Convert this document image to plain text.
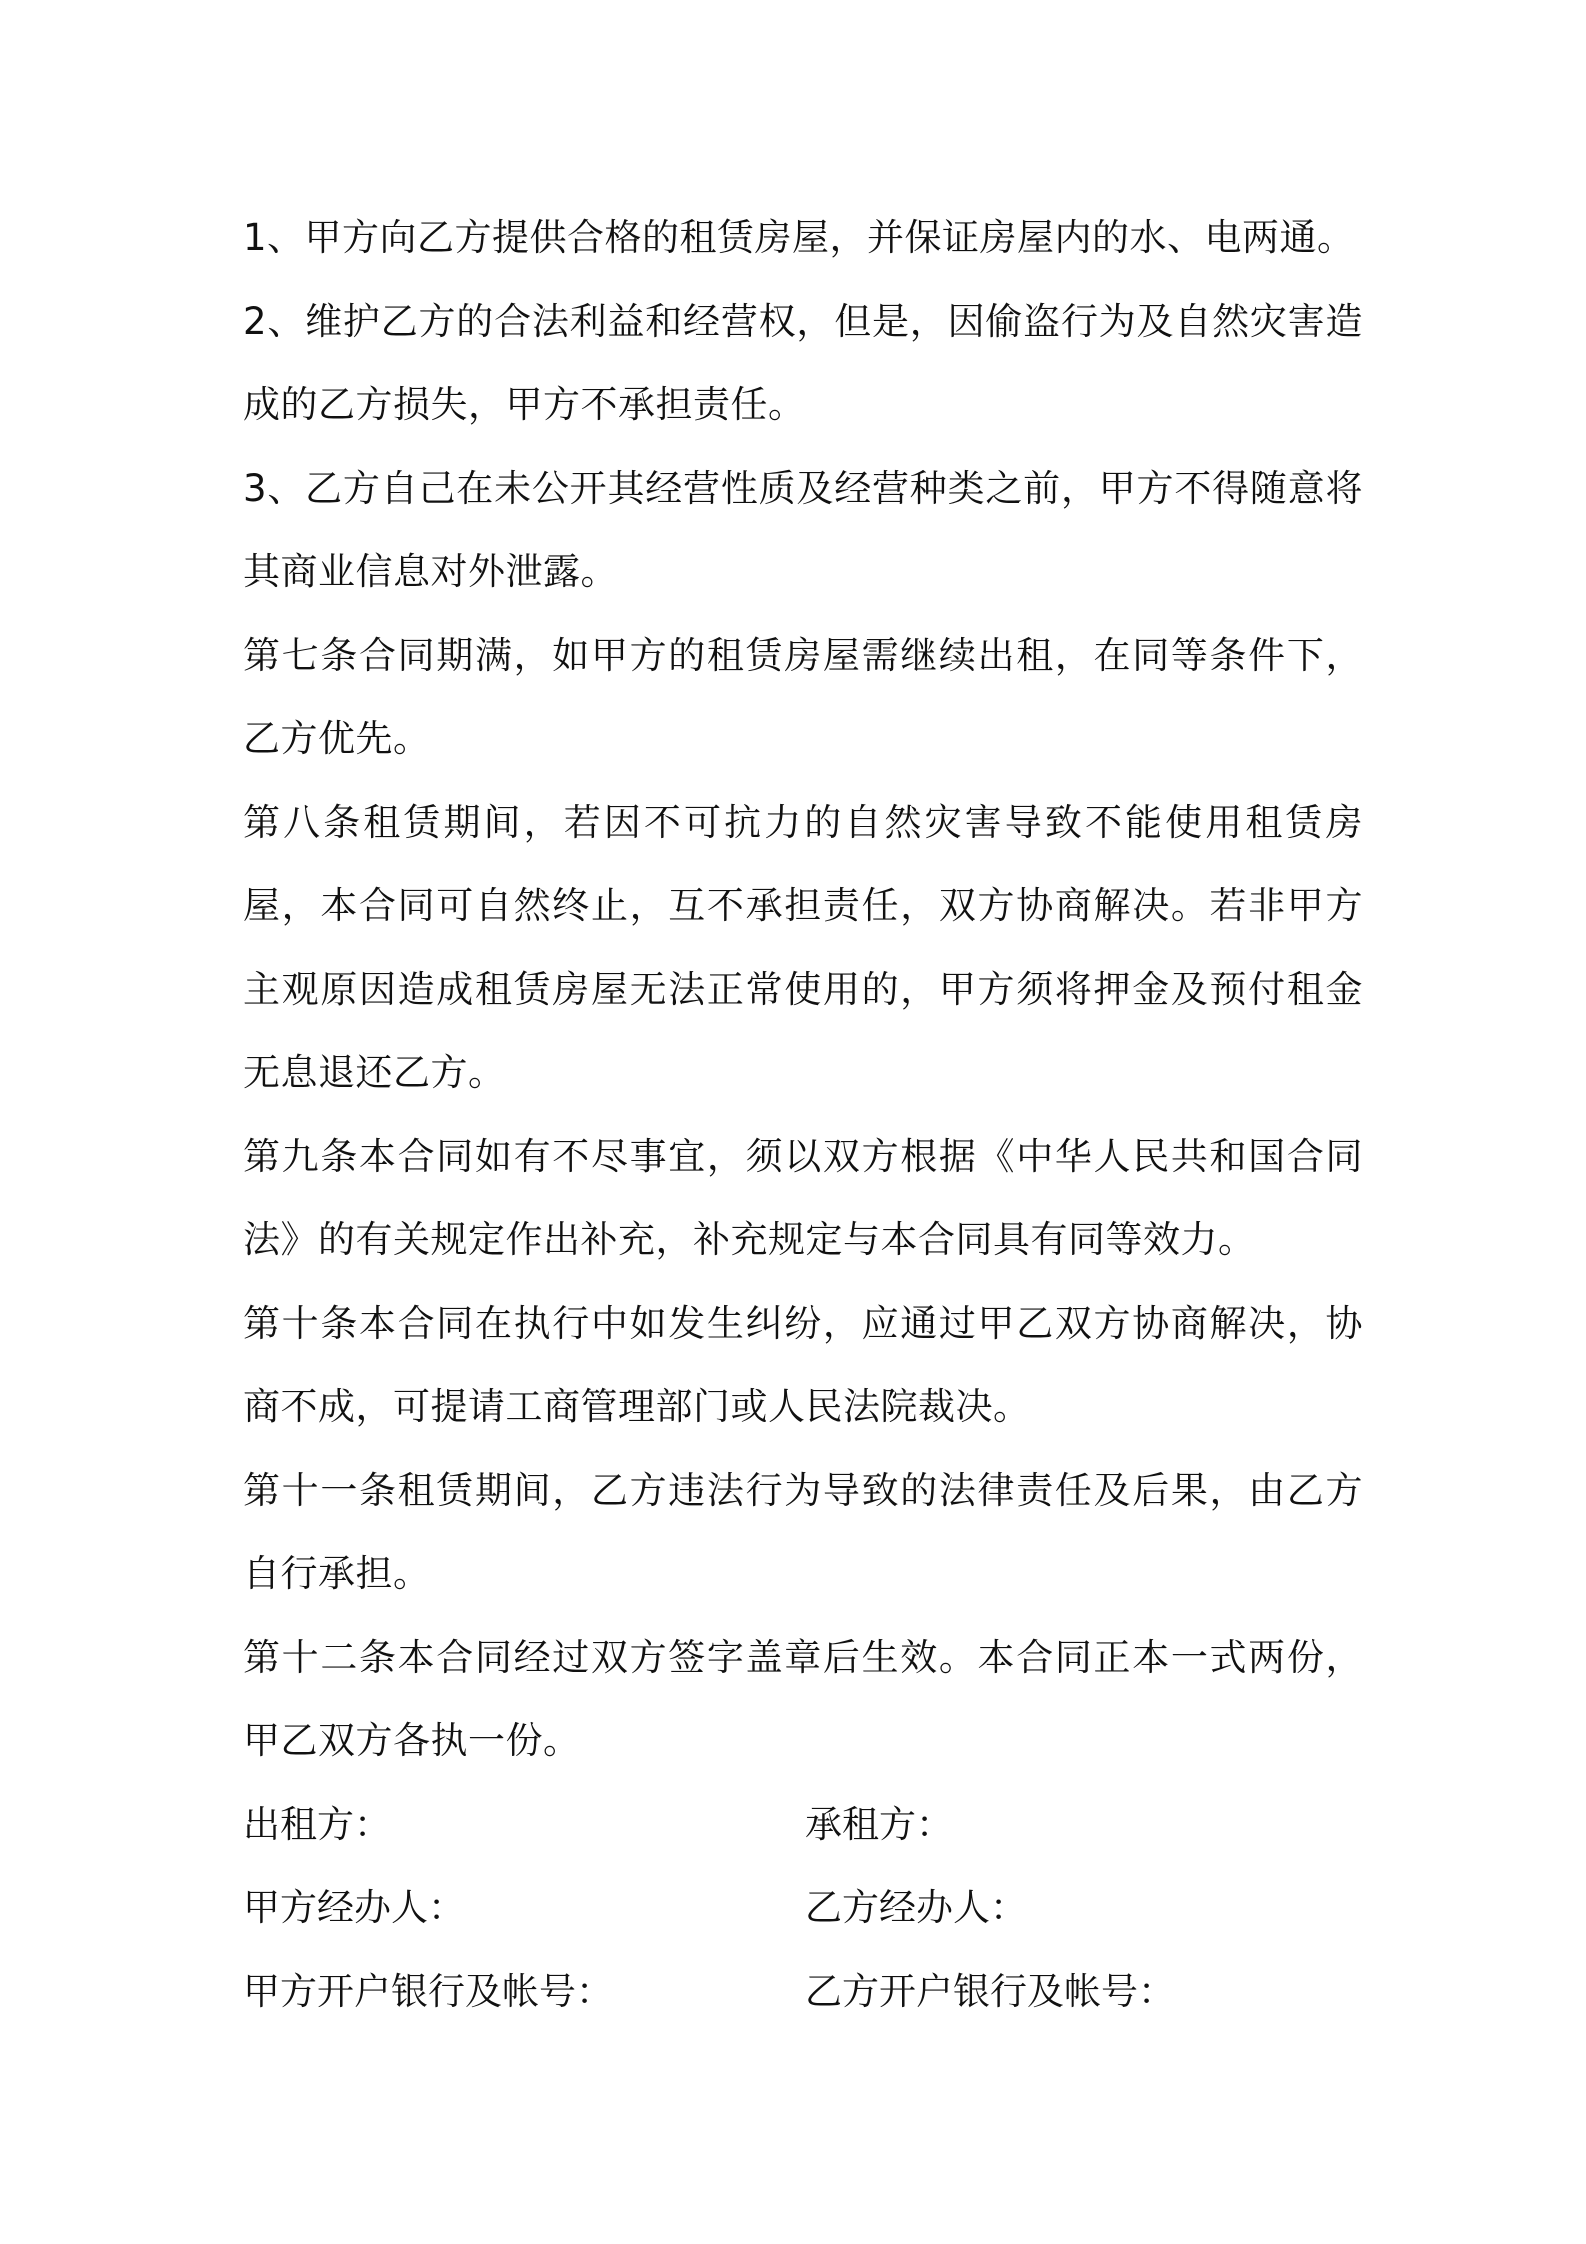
1、甲方向乙方提供合格的租赁房屋，并保证房屋内的水、电两通。

2、维护乙方的合法利益和经营权，但是，因偷盗行为及自然灾害造成的乙方损失，甲方不承担责任。

3、乙方自己在未公开其经营性质及经营种类之前，甲方不得随意将其商业信息对外泄露。

第七条合同期满，如甲方的租赁房屋需继续出租，在同等条件下，乙方优先。

第八条租赁期间，若因不可抗力的自然灾害导致不能使用租赁房屋，本合同可自然终止，互不承担责任，双方协商解决。若非甲方主观原因造成租赁房屋无法正常使用的，甲方须将押金及预付租金无息退还乙方。

第九条本合同如有不尽事宜，须以双方根据《中华人民共和国合同法》的有关规定作出补充，补充规定与本合同具有同等效力。

第十条本合同在执行中如发生纠纷，应通过甲乙双方协商解决，协商不成，可提请工商管理部门或人民法院裁决。

第十一条租赁期间，乙方违法行为导致的法律责任及后果，由乙方自行承担。

第十二条本合同经过双方签字盖章后生效。本合同正本一式两份，甲乙双方各执一份。

出租方：	承租方：
甲方经办人：	乙方经办人：
甲方开户银行及帐号：	乙方开户银行及帐号：
